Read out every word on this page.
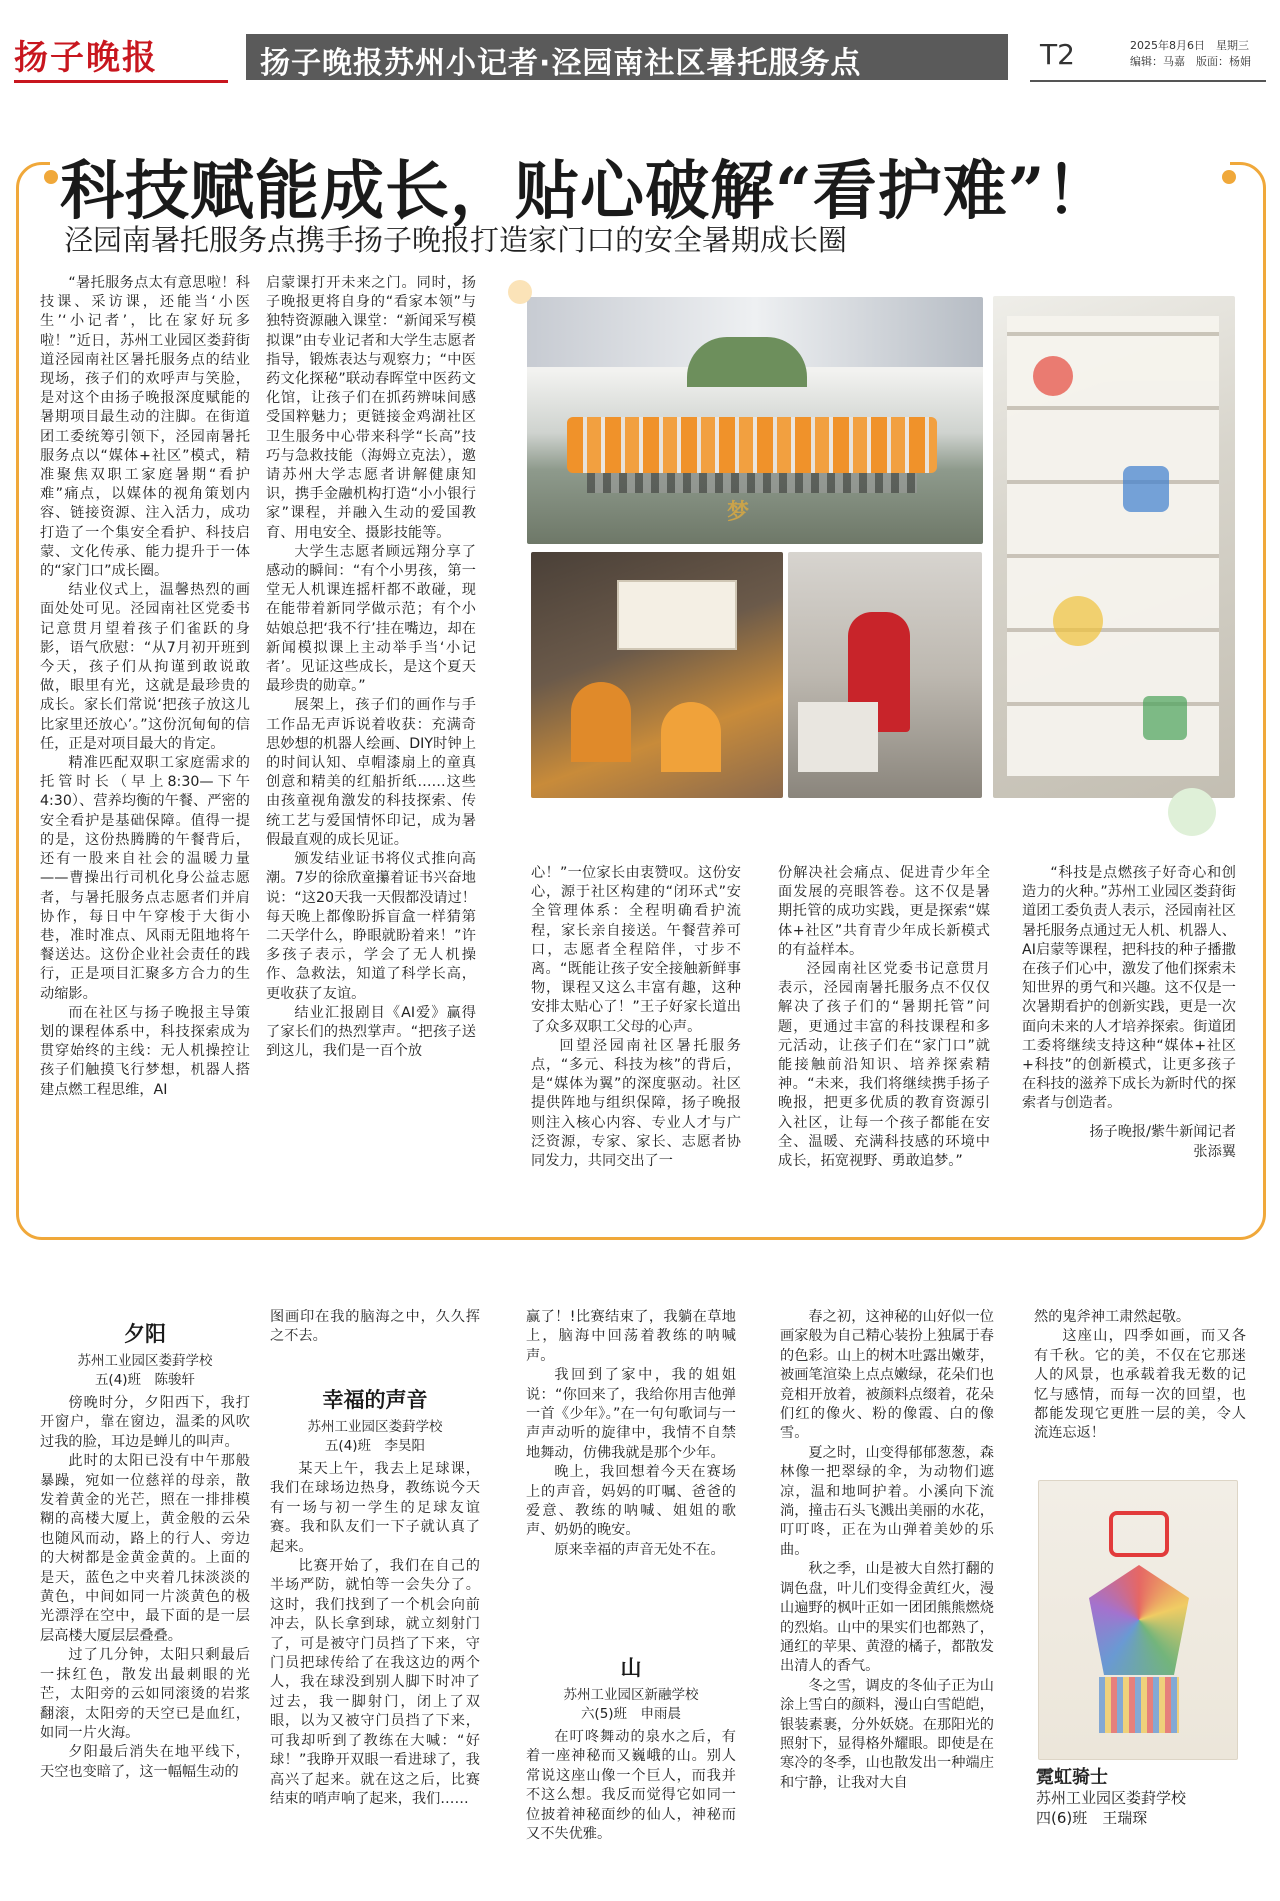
扬子晚报	扬子晚报苏州小记者·泾园南社区暑托服务点	T2	2025年8月6日　星期三
编辑：马嘉　版面：杨娟
科技赋能成长，贴心破解“看护难”！
泾园南暑托服务点携手扬子晚报打造家门口的安全暑期成长圈

“暑托服务点太有意思啦！科技课、采访课，还能当‘小医生’‘小记者’，比在家好玩多啦！”近日，苏州工业园区娄葑街道泾园南社区暑托服务点的结业现场，孩子们的欢呼声与笑脸，是对这个由扬子晚报深度赋能的暑期项目最生动的注脚。在街道团工委统筹引领下，泾园南暑托服务点以“媒体+社区”模式，精准聚焦双职工家庭暑期“看护难”痛点，以媒体的视角策划内容、链接资源、注入活力，成功打造了一个集安全看护、科技启蒙、文化传承、能力提升于一体的“家门口”成长圈。

结业仪式上，温馨热烈的画面处处可见。泾园南社区党委书记意贯月望着孩子们雀跃的身影，语气欣慰：“从7月初开班到今天，孩子们从拘谨到敢说敢做，眼里有光，这就是最珍贵的成长。家长们常说‘把孩子放这儿比家里还放心’。”这份沉甸甸的信任，正是对项目最大的肯定。

精准匹配双职工家庭需求的托管时长（早上8:30—下午4:30）、营养均衡的午餐、严密的安全看护是基础保障。值得一提的是，这份热腾腾的午餐背后，还有一股来自社会的温暖力量——曹操出行司机化身公益志愿者，与暑托服务点志愿者们并肩协作，每日中午穿梭于大街小巷，准时准点、风雨无阻地将午餐送达。这份企业社会责任的践行，正是项目汇聚多方合力的生动缩影。

而在社区与扬子晚报主导策划的课程体系中，科技探索成为贯穿始终的主线：无人机操控让孩子们触摸飞行梦想，机器人搭建点燃工程思维，AI

启蒙课打开未来之门。同时，扬子晚报更将自身的“看家本领”与独特资源融入课堂：“新闻采写模拟课”由专业记者和大学生志愿者指导，锻炼表达与观察力；“中医药文化探秘”联动春晖堂中医药文化馆，让孩子们在抓药辨味间感受国粹魅力；更链接金鸡湖社区卫生服务中心带来科学“长高”技巧与急救技能（海姆立克法），邀请苏州大学志愿者讲解健康知识，携手金融机构打造“小小银行家”课程，并融入生动的爱国教育、用电安全、摄影技能等。

大学生志愿者顾远翔分享了感动的瞬间：“有个小男孩，第一堂无人机课连摇杆都不敢碰，现在能带着新同学做示范；有个小姑娘总把‘我不行’挂在嘴边，却在新闻模拟课上主动举手当‘小记者’。见证这些成长，是这个夏天最珍贵的勋章。”

展架上，孩子们的画作与手工作品无声诉说着收获：充满奇思妙想的机器人绘画、DIY时钟上的时间认知、卓帽漆扇上的童真创意和精美的红船折纸……这些由孩童视角激发的科技探索、传统工艺与爱国情怀印记，成为暑假最直观的成长见证。

颁发结业证书将仪式推向高潮。7岁的徐欣童攥着证书兴奋地说：“这20天我一天假都没请过！每天晚上都像盼拆盲盒一样猜第二天学什么，睁眼就盼着来！”许多孩子表示，学会了无人机操作、急救法，知道了科学长高，更收获了友谊。

结业汇报剧目《AI爱》赢得了家长们的热烈掌声。“把孩子送到这儿，我们是一百个放

梦

心！”一位家长由衷赞叹。这份安心，源于社区构建的“闭环式”安全管理体系：全程明确看护流程，家长亲自接送。午餐营养可口，志愿者全程陪伴，寸步不离。“既能让孩子安全接触新鲜事物，课程又这么丰富有趣，这种安排太贴心了！”王子好家长道出了众多双职工父母的心声。

回望泾园南社区暑托服务点，“多元、科技为核”的背后，是“媒体为翼”的深度驱动。社区提供阵地与组织保障，扬子晚报则注入核心内容、专业人才与广泛资源，专家、家长、志愿者协同发力，共同交出了一

份解决社会痛点、促进青少年全面发展的亮眼答卷。这不仅是暑期托管的成功实践，更是探索“媒体+社区”共育青少年成长新模式的有益样本。

泾园南社区党委书记意贯月表示，泾园南暑托服务点不仅仅解决了孩子们的“暑期托管”问题，更通过丰富的科技课程和多元活动，让孩子们在“家门口”就能接触前沿知识、培养探索精神。“未来，我们将继续携手扬子晚报，把更多优质的教育资源引入社区，让每一个孩子都能在安全、温暖、充满科技感的环境中成长，拓宽视野、勇敢追梦。”

“科技是点燃孩子好奇心和创造力的火种。”苏州工业园区娄葑街道团工委负责人表示，泾园南社区暑托服务点通过无人机、机器人、AI启蒙等课程，把科技的种子播撒在孩子们心中，激发了他们探索未知世界的勇气和兴趣。这不仅是一次暑期看护的创新实践，更是一次面向未来的人才培养探索。街道团工委将继续支持这种“媒体+社区+科技”的创新模式，让更多孩子在科技的滋养下成长为新时代的探索者与创造者。

扬子晚报/紫牛新闻记者
张添翼
夕阳
苏州工业园区娄葑学校
五(4)班　陈骏轩

傍晚时分，夕阳西下，我打开窗户，靠在窗边，温柔的风吹过我的脸，耳边是蝉儿的叫声。

此时的太阳已没有中午那般暴躁，宛如一位慈祥的母亲，散发着黄金的光芒，照在一排排模糊的高楼大厦上，黄金般的云朵也随风而动，路上的行人、旁边的大树都是金黄金黄的。上面的是天，蓝色之中夹着几抹淡淡的黄色，中间如同一片淡黄色的极光漂浮在空中，最下面的是一层层高楼大厦层层叠叠。

过了几分钟，太阳只剩最后一抹红色，散发出最刺眼的光芒，太阳旁的云如同滚烫的岩浆翻滚，太阳旁的天空已是血红，如同一片火海。

夕阳最后消失在地平线下，天空也变暗了，这一幅幅生动的

图画印在我的脑海之中，久久挥之不去。

幸福的声音
苏州工业园区娄葑学校
五(4)班　李昊阳

某天上午，我去上足球课，我们在球场边热身，教练说今天有一场与初一学生的足球友谊赛。我和队友们一下子就认真了起来。

比赛开始了，我们在自己的半场严防，就怕等一会失分了。这时，我们找到了一个机会向前冲去，队长拿到球，就立刻射门了，可是被守门员挡了下来，守门员把球传给了在我这边的两个人，我在球没到别人脚下时冲了过去，我一脚射门，闭上了双眼，以为又被守门员挡了下来，可我却听到了教练在大喊：“好球！”我睁开双眼一看进球了，我高兴了起来。就在这之后，比赛结束的哨声响了起来，我们……

赢了！!比赛结束了，我躺在草地上，脑海中回荡着教练的呐喊声。

我回到了家中，我的姐姐说：“你回来了，我给你用吉他弹一首《少年》。”在一句句歌词与一声声动听的旋律中，我情不自禁地舞动，仿佛我就是那个少年。

晚上，我回想着今天在赛场上的声音，妈妈的叮嘱、爸爸的爱意、教练的呐喊、姐姐的歌声、奶奶的晚安。

原来幸福的声音无处不在。

山
苏州工业园区新融学校
六(5)班　申雨晨

在叮咚舞动的泉水之后，有着一座神秘而又巍峨的山。别人常说这座山像一个巨人，而我并不这么想。我反而觉得它如同一位披着神秘面纱的仙人，神秘而又不失优雅。

春之初，这神秘的山好似一位画家般为自己精心装扮上独属于春的色彩。山上的树木吐露出嫩芽，被画笔渲染上点点嫩绿，花朵们也竞相开放着，被颜料点缀着，花朵们红的像火、粉的像霞、白的像雪。

夏之时，山变得郁郁葱葱，森林像一把翠绿的伞，为动物们遮凉，温和地呵护着。小溪向下流淌，撞击石头飞溅出美丽的水花，叮叮咚，正在为山弹着美妙的乐曲。

秋之季，山是被大自然打翻的调色盘，叶儿们变得金黄红火，漫山遍野的枫叶正如一团团熊熊燃烧的烈焰。山中的果实们也都熟了，通红的苹果、黄澄的橘子，都散发出清人的香气。

冬之雪，调皮的冬仙子正为山涂上雪白的颜料，漫山白雪皑皑，银装素裹，分外妖娆。在那阳光的照射下，显得格外耀眼。即使是在寒冷的冬季，山也散发出一种端庄和宁静，让我对大自

然的鬼斧神工肃然起敬。

这座山，四季如画，而又各有千秋。它的美，不仅在它那迷人的风景，也承载着我无数的记忆与感情，而每一次的回望，也都能发现它更胜一层的美，令人流连忘返！

霓虹骑士
苏州工业园区娄葑学校
四(6)班　王瑞琛
